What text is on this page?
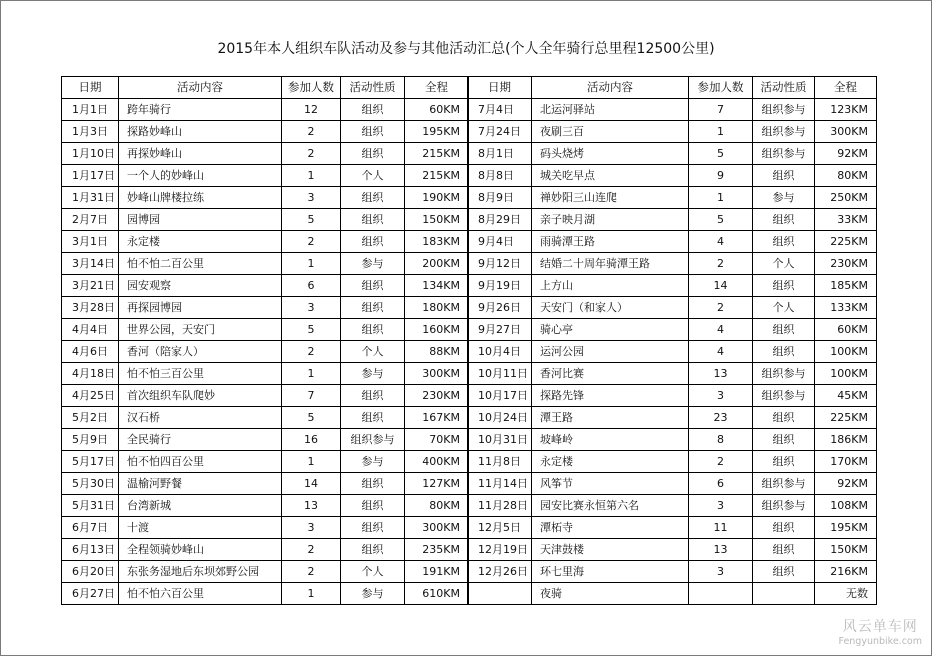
2015年本人组织车队活动及参与其他活动汇总(个人全年骑行总里程12500公里)
日期	活动内容	参加人数	活动性质	全程
1月1日	跨年骑行	12	组织	60KM
1月3日	探路妙峰山	2	组织	195KM
1月10日	再探妙峰山	2	组织	215KM
1月17日	一个人的妙峰山	1	个人	215KM
1月31日	妙峰山牌楼拉练	3	组织	190KM
2月7日	园博园	5	组织	150KM
3月1日	永定楼	2	组织	183KM
3月14日	怕不怕二百公里	1	参与	200KM
3月21日	园安观察	6	组织	134KM
3月28日	再探园博园	3	组织	180KM
4月4日	世界公园，天安门	5	组织	160KM
4月6日	香河（陪家人）	2	个人	88KM
4月18日	怕不怕三百公里	1	参与	300KM
4月25日	首次组织车队爬妙	7	组织	230KM
5月2日	汉石桥	5	组织	167KM
5月9日	全民骑行	16	组织参与	70KM
5月17日	怕不怕四百公里	1	参与	400KM
5月30日	温榆河野餐	14	组织	127KM
5月31日	台湾新城	13	组织	80KM
6月7日	十渡	3	组织	300KM
6月13日	全程领骑妙峰山	2	组织	235KM
6月20日	东张务湿地后东坝郊野公园	2	个人	191KM
6月27日	怕不怕六百公里	1	参与	610KM
日期	活动内容	参加人数	活动性质	全程
7月4日	北运河驿站	7	组织参与	123KM
7月24日	夜刷三百	1	组织参与	300KM
8月1日	码头烧烤	5	组织参与	92KM
8月8日	城关吃早点	9	组织	80KM
8月9日	禅妙阳三山连爬	1	参与	250KM
8月29日	亲子映月湖	5	组织	33KM
9月4日	雨骑潭王路	4	组织	225KM
9月12日	结婚二十周年骑潭王路	2	个人	230KM
9月19日	上方山	14	组织	185KM
9月26日	天安门（和家人）	2	个人	133KM
9月27日	骑心亭	4	组织	60KM
10月4日	运河公园	4	组织	100KM
10月11日	香河比赛	13	组织参与	100KM
10月17日	探路先锋	3	组织参与	45KM
10月24日	潭王路	23	组织	225KM
10月31日	坡峰岭	8	组织	186KM
11月8日	永定楼	2	组织	170KM
11月14日	风筝节	6	组织参与	92KM
11月28日	园安比赛永恒第六名	3	组织参与	108KM
12月5日	潭柘寺	11	组织	195KM
12月19日	天津鼓楼	13	组织	150KM
12月26日	环七里海	3	组织	216KM
	夜骑			无数
风云单车网
Fengyunbike.com
